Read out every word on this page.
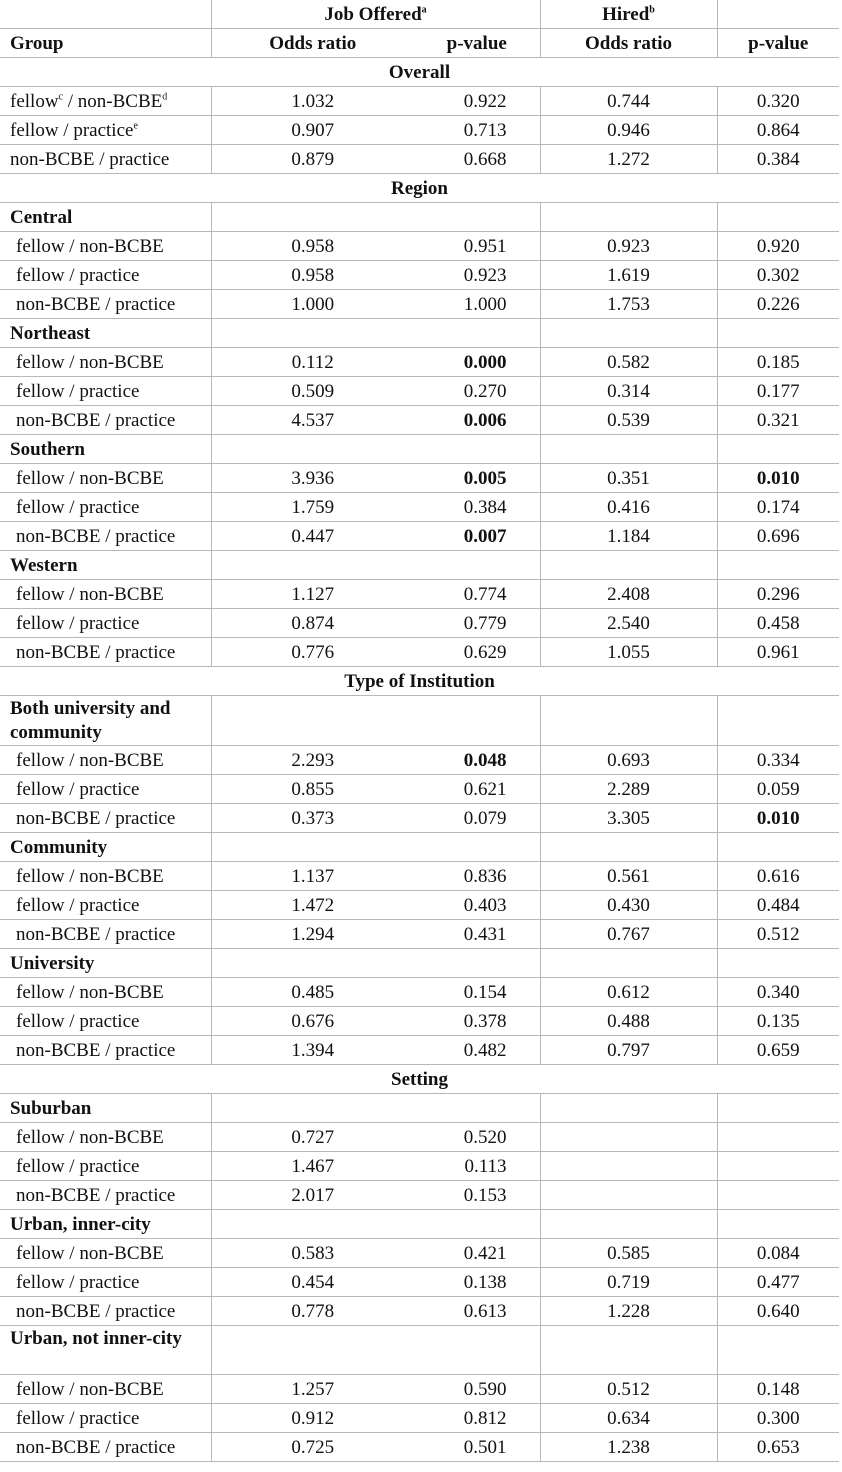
	Job Offered$^a$		Hired$^b$	
Group	Odds ratio	p-value	Odds ratio	p-value
Overall				
fellow$^c$ / non-BCBE$^d$	1.032	0.922	0.744	0.320
fellow / practice$^e$	0.907	0.713	0.946	0.864
non-BCBE / practice	0.879	0.668	1.272	0.384
Region				
Central				
fellow / non-BCBE	0.958	0.951	0.923	0.920
fellow / practice	0.958	0.923	1.619	0.302
non-BCBE / practice	1.000	1.000	1.753	0.226
Northeast				
fellow / non-BCBE	0.112	0.000	0.582	0.185
fellow / practice	0.509	0.270	0.314	0.177
non-BCBE / practice	4.537	0.006	0.539	0.321
Southern				
fellow / non-BCBE	3.936	0.005	0.351	0.010
fellow / practice	1.759	0.384	0.416	0.174
non-BCBE / practice	0.447	0.007	1.184	0.696
Western				
fellow / non-BCBE	1.127	0.774	2.408	0.296
fellow / practice	0.874	0.779	2.540	0.458
non-BCBE / practice	0.776	0.629	1.055	0.961
Type of Institution				
Both university and community				
fellow / non-BCBE	2.293	0.048	0.693	0.334
fellow / practice	0.855	0.621	2.289	0.059
non-BCBE / practice	0.373	0.079	3.305	0.010
Community				
fellow / non-BCBE	1.137	0.836	0.561	0.616
fellow / practice	1.472	0.403	0.430	0.484
non-BCBE / practice	1.294	0.431	0.767	0.512
University				
fellow / non-BCBE	0.485	0.154	0.612	0.340
fellow / practice	0.676	0.378	0.488	0.135
non-BCBE / practice	1.394	0.482	0.797	0.659
Setting				
Suburban				
fellow / non-BCBE	0.727	0.520		
fellow / practice	1.467	0.113		
non-BCBE / practice	2.017	0.153		
Urban, inner-city				
fellow / non-BCBE	0.583	0.421	0.585	0.084
fellow / practice	0.454	0.138	0.719	0.477
non-BCBE / practice	0.778	0.613	1.228	0.640
Urban, not inner-city				
fellow / non-BCBE	1.257	0.590	0.512	0.148
fellow / practice	0.912	0.812	0.634	0.300
non-BCBE / practice	0.725	0.501	1.238	0.653
